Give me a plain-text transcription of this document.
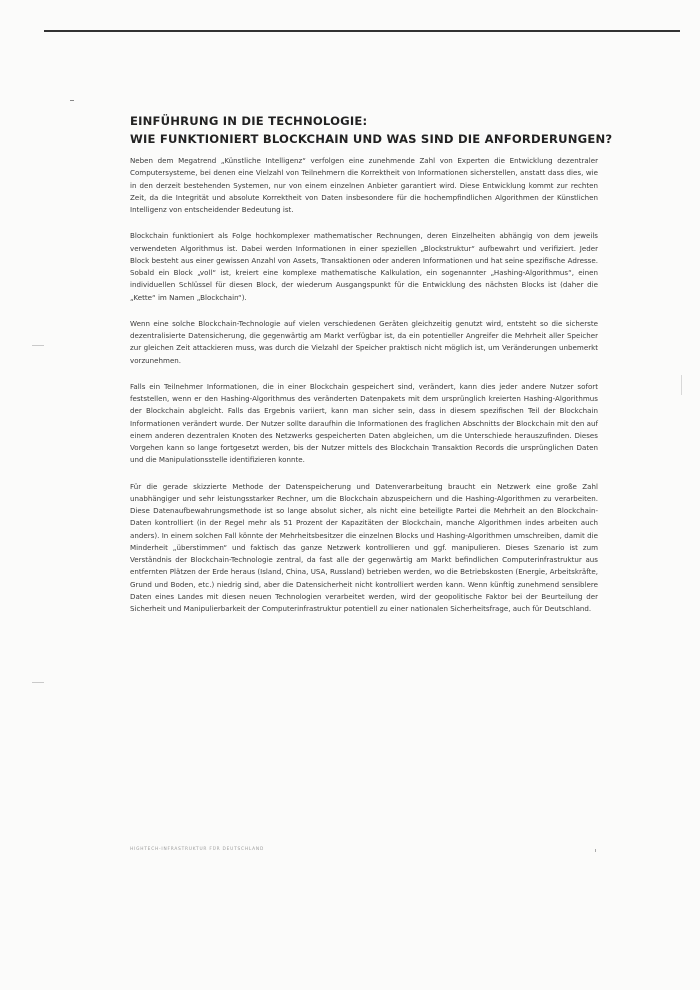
EINFÜHRUNG IN DIE TECHNOLOGIE:
WIE FUNKTIONIERT BLOCKCHAIN UND WAS SIND DIE ANFORDERUNGEN?

Neben dem Megatrend „Künstliche Intelligenz“ verfolgen eine zunehmende Zahl von Experten die Entwicklung dezentraler Computersysteme, bei denen eine Vielzahl von Teilnehmern die Korrektheit von Informationen sicherstellen, anstatt dass dies, wie in den derzeit bestehenden Systemen, nur von einem einzelnen Anbieter garantiert wird. Diese Entwicklung kommt zur rechten Zeit, da die Integrität und absolute Korrektheit von Daten insbesondere für die hochempfindlichen Algorithmen der Künstlichen Intelligenz von entscheidender Bedeutung ist.

Blockchain funktioniert als Folge hochkomplexer mathematischer Rechnungen, deren Einzelheiten abhängig von dem jeweils verwendeten Algorithmus ist. Dabei werden Informationen in einer speziellen „Blockstruktur“ aufbewahrt und verifiziert. Jeder Block besteht aus einer gewissen Anzahl von Assets, Transaktionen oder anderen Informationen und hat seine spezifische Adresse. Sobald ein Block „voll“ ist, kreiert eine komplexe mathematische Kalkulation, ein sogenannter „Hashing-Algorithmus“, einen individuellen Schlüssel für diesen Block, der wiederum Ausgangspunkt für die Entwicklung des nächsten Blocks ist (daher die „Kette“ im Namen „Blockchain“).

Wenn eine solche Blockchain-Technologie auf vielen verschiedenen Geräten gleichzeitig genutzt wird, entsteht so die sicherste dezentralisierte Datensicherung, die gegenwärtig am Markt verfügbar ist, da ein potentieller Angreifer die Mehrheit aller Speicher zur gleichen Zeit attackieren muss, was durch die Vielzahl der Speicher praktisch nicht möglich ist, um Veränderungen unbemerkt vorzunehmen.

Falls ein Teilnehmer Informationen, die in einer Blockchain gespeichert sind, verändert, kann dies jeder andere Nutzer sofort feststellen, wenn er den Hashing-Algorithmus des veränderten Datenpakets mit dem ursprünglich kreierten Hashing-Algorithmus der Blockchain abgleicht. Falls das Ergebnis variiert, kann man sicher sein, dass in diesem spezifischen Teil der Blockchain Informationen verändert wurde. Der Nutzer sollte daraufhin die Informationen des fraglichen Abschnitts der Blockchain mit den auf einem anderen dezentralen Knoten des Netzwerks gespeicherten Daten abgleichen, um die Unterschiede herauszufinden. Dieses Vorgehen kann so lange fortgesetzt werden, bis der Nutzer mittels des Blockchain Transaktion Records die ursprünglichen Daten und die Manipulationsstelle identifizieren konnte.

Für die gerade skizzierte Methode der Datenspeicherung und Datenverarbeitung braucht ein Netzwerk eine große Zahl unabhängiger und sehr leistungsstarker Rechner, um die Blockchain abzuspeichern und die Hashing-Algorithmen zu verarbeiten. Diese Datenaufbewahrungsmethode ist so lange absolut sicher, als nicht eine beteiligte Partei die Mehrheit an den Blockchain-Daten kontrolliert (in der Regel mehr als 51 Prozent der Kapazitäten der Blockchain, manche Algorithmen indes arbeiten auch anders). In einem solchen Fall könnte der Mehrheitsbesitzer die einzelnen Blocks und Hashing-Algorithmen umschreiben, damit die Minderheit „überstimmen“ und faktisch das ganze Netzwerk kontrollieren und ggf. manipulieren. Dieses Szenario ist zum Verständnis der Blockchain-Technologie zentral, da fast alle der gegenwärtig am Markt befindlichen Computerinfrastruktur aus entfernten Plätzen der Erde heraus (Island, China, USA, Russland) betrieben werden, wo die Betriebskosten (Energie, Arbeitskräfte, Grund und Boden, etc.) niedrig sind, aber die Datensicherheit nicht kontrolliert werden kann. Wenn künftig zunehmend sensiblere Daten eines Landes mit diesen neuen Technologien verarbeitet werden, wird der geopolitische Faktor bei der Beurteilung der Sicherheit und Manipulierbarkeit der Computerinfrastruktur potentiell zu einer nationalen Sicherheitsfrage, auch für Deutschland.

HIGHTECH-INFRASTRUKTUR FÜR DEUTSCHLAND
